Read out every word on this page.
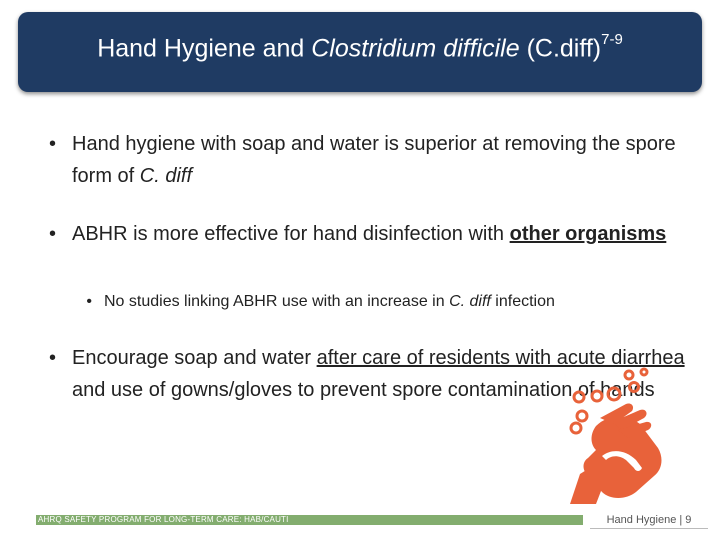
Hand Hygiene and Clostridium difficile (C.diff)$^{7-9}$
• Hand hygiene with soap and water is superior at removing the spore form of C. diff
• ABHR is more effective for hand disinfection with other organisms
• No studies linking ABHR use with an increase in C. diff infection
• Encourage soap and water after care of residents with acute diarrhea and use of gowns/gloves to prevent spore contamination of hands
AHRQ SAFETY PROGRAM FOR LONG-TERM CARE: HAB/CAUTI	Hand Hygiene | 9
